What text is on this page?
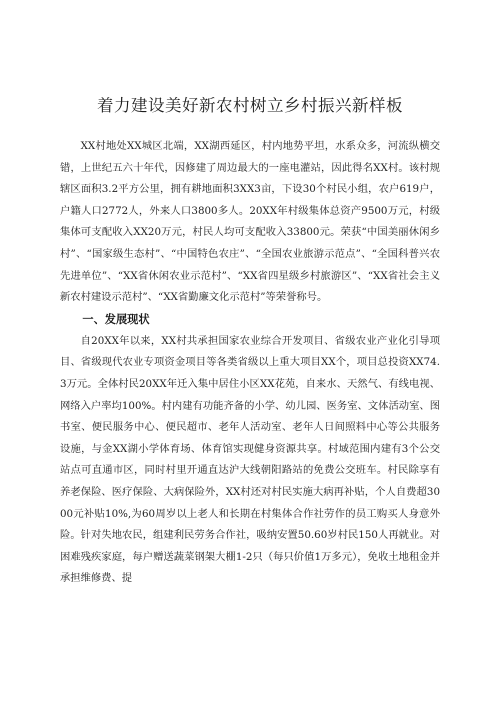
着力建设美好新农村树立乡村振兴新样板

XX村地处XX城区北端，XX湖西延区，村内地势平坦，水系众多，河流纵横交错，上世纪五六十年代，因修建了周边最大的一座电灌站，因此得名XX村。该村规辖区面积3.2平方公里，拥有耕地面积3XX3亩，下设30个村民小组，农户619户，户籍人口2772人，外来人口3800多人。20XX年村级集体总资产9500万元，村级集体可支配收入XX20万元，村民人均可支配收入33800元。荣获“中国美丽休闲乡村”、“国家级生态村”、“中国特色农庄”、“全国农业旅游示范点”、“全国科普兴农先进单位”、“XX省休闲农业示范村”、“XX省四星级乡村旅游区”、“XX省社会主义新农村建设示范村”、“XX省勤廉文化示范村”等荣誉称号。

一、发展现状

自20XX年以来，XX村共承担国家农业综合开发项目、省级农业产业化引导项目、省级现代农业专项资金项目等各类省级以上重大项目XX个，项目总投资XX74.3万元。全体村民20XX年迁入集中居住小区XX花苑，自来水、天然气、有线电视、网络入户率均100%。村内建有功能齐备的小学、幼儿园、医务室、文体活动室、图书室、便民服务中心、便民超市、老年人活动室、老年人日间照料中心等公共服务设施，与金XX湖小学体育场、体育馆实现健身资源共享。村域范围内建有3个公交站点可直通市区，同时村里开通直达沪大线朝阳路站的免费公交班车。村民除享有养老保险、医疗保险、大病保险外，XX村还对村民实施大病再补贴，个人自费超3000元补贴10%,为60周岁以上老人和长期在村集体合作社劳作的员工购买人身意外险。针对失地农民，组建利民劳务合作社，吸纳安置50.60岁村民150人再就业。对困难残疾家庭，每户赠送蔬菜钢架大棚1-2只（每只价值1万多元），免收土地租金并承担维修费、提
